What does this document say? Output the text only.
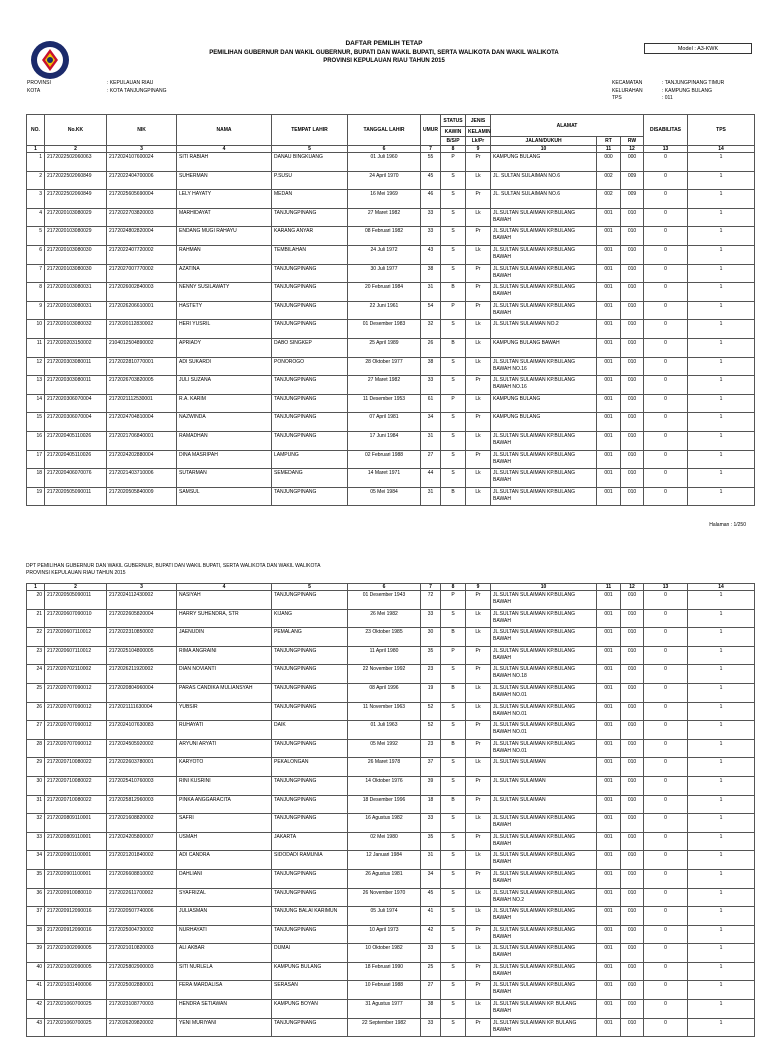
DAFTAR PEMILIH TETAP
PEMILIHAN GUBERNUR DAN WAKIL GUBERNUR, BUPATI DAN WAKIL BUPATI, SERTA WALIKOTA DAN WAKIL WALIKOTA
PROVINSI KEPULAUAN RIAU TAHUN 2015
Model : A3-KWK
PROVINSI	: KEPULAUAN RIAU
KOTA	: KOTA TANJUNGPINANG
KECAMATAN	: TANJUNGPINANG TIMUR
KELURAHAN	: KAMPUNG BULANG
TPS	: 011
NO.	No.KK	NIK	NAMA	TEMPAT LAHIR	TANGGAL LAHIR	UMUR	STATUS	JENIS	ALAMAT			DISABILITAS	TPS
							KAWIN	KELAMIN					
							B/S/P	Lk/Pr	JALAN/DUKUH	RT	RW		
1	2	3	4	5	6	7	8	9	10	11	12	13	14
1	2172022502060063	2172024107600024	SITI RABIAH	DANAU BINGKUANG	01 Juli 1960	55	P	Pr	KAMPUNG BULANG	000	000	0	1
2	2172022502060849	2172022404700006	SUHERMAN	P.SUSU	24 April 1970	45	S	Lk	JL. SULTAN SULAIMAN NO.6	002	009	0	1
3	2172022502060849	2172025605690004	LELY HAYATY	MEDAN	16 Mei 1969	46	S	Pr	JL. SULTAN SULAIMAN NO.6	002	009	0	1
4	2172020103080029	2172022703820003	MARHIDAYAT	TANJUNGPINANG	27 Maret 1982	33	S	Lk	JL.SULTAN SULAIMAN KP.BULANG BAWAH	001	010	0	1
5	2172020103080029	2172024802820004	ENDANG MUGI RAHAYU	KARANG ANYAR	08 Februari 1982	33	S	Pr	JL.SULTAN SULAIMAN KP.BULANG BAWAH	001	010	0	1
6	2172020103080030	2172022407720002	RAHMAN	TEMBILAHAN	24 Juli 1972	43	S	Lk	JL.SULTAN SULAIMAN KP.BULANG BAWAH	001	010	0	1
7	2172020103080030	2172027007770002	AZATINA	TANJUNGPINANG	30 Juli 1977	38	S	Pr	JL.SULTAN SULAIMAN KP.BULANG BAWAH	001	010	0	1
8	2172020103080031	2172026002840003	NENNY SUSILAWATY	TANJUNGPINANG	20 Februari 1984	31	B	Pr	JL.SULTAN SULAIMAN KP.BULANG BAWAH	001	010	0	1
9	2172020103080031	2172026206610001	HASTETY	TANJUNGPINANG	22 Juni 1961	54	P	Pr	JL.SULTAN SULAIMAN KP.BULANG BAWAH	001	010	0	1
10	2172020103080032	2172020112830002	HERI YUSRIL	TANJUNGPINANG	01 Desember 1983	32	S	Lk	JL.SULTAN SULAIMAN NO.2	001	010	0	1
11	2172020203150002	2104012504890002	APRIADY	DABO SINGKEP	25 April 1989	26	B	Lk	KAMPUNG BULANG BAWAH	001	010	0	1
12	2172020303080011	2172022810770001	ADI SUKARDI	PONOROGO	28 Oktober 1977	38	S	Lk	JL.SULTAN SULAIMAN KP.BULANG BAWAH NO.16	001	010	0	1
13	2172020303080011	2172026703820005	JULI SUZANA	TANJUNGPINANG	27 Maret 1982	33	S	Pr	JL.SULTAN SULAIMAN KP.BULANG BAWAH NO.16	001	010	0	1
14	2172020306070004	2172021112530001	R.A. KARIM	TANJUNGPINANG	11 Desember 1953	61	P	Lk	KAMPUNG BULANG	001	010	0	1
15	2172020306070004	2172024704810004	NAZWINDA	TANJUNGPINANG	07 April 1981	34	S	Pr	KAMPUNG BULANG	001	010	0	1
16	2172020405110026	2172021706840001	RAMADHAN	TANJUNGPINANG	17 Juni 1984	31	S	Lk	JL.SULTAN SULAIMAN KP.BULANG BAWAH	001	010	0	1
17	2172020405110026	2172024202880004	DINA MASRIPAH	LAMPUNG	02 Februari 1988	27	S	Pr	JL.SULTAN SULAIMAN KP.BULANG BAWAH	001	010	0	1
18	2172020406070076	2172021403710006	SUTARMAN	SEMEDANG	14 Maret 1971	44	S	Lk	JL.SULTAN SULAIMAN KP.BULANG BAWAH	001	010	0	1
19	2172020505090011	2172020505840009	SAMSUL	TANJUNGPINANG	05 Mei 1984	31	B	Lk	JL.SULTAN SULAIMAN KP.BULANG BAWAH	001	010	0	1
Halaman : 1/250
DPT PEMILIHAN GUBERNUR DAN WAKIL GUBERNUR, BUPATI DAN WAKIL BUPATI, SERTA WALIKOTA DAN WAKIL WALIKOTA
PROVINSI KEPULAUAN RIAU TAHUN 2015
1	2	3	4	5	6	7	8	9	10	11	12	13	14
20	2172020505090011	2172024112430002	NASIYAH	TANJUNGPINANG	01 Desember 1943	72	P	Pr	JL.SULTAN SULAIMAN KP.BULANG BAWAH	001	010	0	1
21	2172020607090010	2172022605820004	HARRY SUHENDRA, STR	KIJANG	26 Mei 1982	33	S	Lk	JL.SULTAN SULAIMAN KP.BULANG BAWAH	001	010	0	1
22	2172020607110012	2172022310850002	JAENUDIN	PEMALANG	23 Oktober 1985	30	B	Lk	JL.SULTAN SULAIMAN KP.BULANG BAWAH	001	010	0	1
23	2172020607110012	2172025104800005	RIMA ANGRAINI	TANJUNGPINANG	11 April 1980	35	P	Pr	JL.SULTAN SULAIMAN KP.BULANG BAWAH	001	010	0	1
24	2172020702110002	2172026211920002	DIAN NOVIANTI	TANJUNGPINANG	22 November 1992	23	S	Pr	JL.SULTAN SULAIMAN KP.BULANG BAWAH NO.18	001	010	0	1
25	2172020707090012	2172020804960004	PARAS CANDIKA MULIANSYAH	TANJUNGPINANG	08 April 1996	19	B	Lk	JL.SULTAN SULAIMAN KP.BULANG BAWAH NO.01	001	010	0	1
26	2172020707090012	2172021111630004	YUBSIR	TANJUNGPINANG	11 November 1963	52	S	Lk	JL.SULTAN SULAIMAN KP.BULANG BAWAH NO.01	001	010	0	1
27	2172020707090012	2172024107630083	RUHAYATI	DAIK	01 Juli 1963	52	S	Pr	JL.SULTAN SULAIMAN KP.BULANG BAWAH NO.01	001	010	0	1
28	2172020707090012	2172024505920002	ARYUNI ARYATI	TANJUNGPINANG	05 Mei 1992	23	B	Pr	JL.SULTAN SULAIMAN KP.BULANG BAWAH NO.01	001	010	0	1
29	2172020710080022	2172022603780001	KARYOTO	PEKALONGAN	26 Maret 1978	37	S	Lk	JL.SULTAN SULAIMAN	001	010	0	1
30	2172020710080022	2172025410760003	RINI KUSRINI	TANJUNGPINANG	14 Oktober 1976	39	S	Pr	JL.SULTAN SULAIMAN	001	010	0	1
31	2172020710080022	2172025812960003	PINKA ANGGARACITA	TANJUNGPINANG	18 Desember 1996	18	B	Pr	JL.SULTAN SULAIMAN	001	010	0	1
32	2172020809110001	2172021608820002	SAFRI	TANJUNGPINANG	16 Agustus 1982	33	S	Lk	JL.SULTAN SULAIMAN KP.BULANG BAWAH	001	010	0	1
33	2172020809110001	2172024205800007	USMAH	JAKARTA	02 Mei 1980	35	S	Pr	JL.SULTAN SULAIMAN KP.BULANG BAWAH	001	010	0	1
34	2172020901100001	2172021201840002	ADI CANDRA	SIDODADI RAMUNIA	12 Januari 1984	31	S	Lk	JL.SULTAN SULAIMAN KP.BULANG BAWAH	001	010	0	1
35	2172020901100001	2172026608810002	DAHLIANI	TANJUNGPINANG	26 Agustus 1981	34	S	Pr	JL.SULTAN SULAIMAN KP.BULANG BAWAH	001	010	0	1
36	2172020910080010	2172022611700002	SYAFRIZAL	TANJUNGPINANG	26 November 1970	45	S	Lk	JL.SULTAN SULAIMAN KP.BULANG BAWAH NO.2	001	010	0	1
37	2172020912090016	2172020507740006	JULIASMAN	TANJUNG BALAI KARIMUN	05 Juli 1974	41	S	Lk	JL.SULTAN SULAIMAN KP.BULANG BAWAH	001	010	0	1
38	2172020912090016	2172025004730002	NURHAYATI	TANJUNGPINANG	10 April 1973	42	S	Pr	JL.SULTAN SULAIMAN KP.BULANG BAWAH	001	010	0	1
39	2172021002090005	2172021010820003	ALI AKBAR	DUMAI	10 Oktober 1982	33	S	Lk	JL.SULTAN SULAIMAN KP.BULANG BAWAH	001	010	0	1
40	2172021002090005	2172025802900003	SITI NURLELA	KAMPUNG BULANG	18 Februari 1990	25	S	Pr	JL.SULTAN SULAIMAN KP.BULANG BAWAH	001	010	0	1
41	2172021031400006	2172025002880001	FERA MARDALISA	SERASAN	10 Februari 1988	27	S	Pr	JL.SULTAN SULAIMAN KP.BULANG BAWAH	001	010	0	1
42	2172021060700025	2172023108770003	HENDRA SETIAWAN	KAMPUNG BOYAN	31 Agustus 1977	38	S	Lk	JL.SULTAN SULAIMAN KP. BULANG BAWAH	001	010	0	1
43	2172021060700025	2172026209820002	YENI MURIYANI	TANJUNGPINANG	22 September 1982	33	S	Pr	JL.SULTAN SULAIMAN KP. BULANG BAWAH	001	010	0	1
